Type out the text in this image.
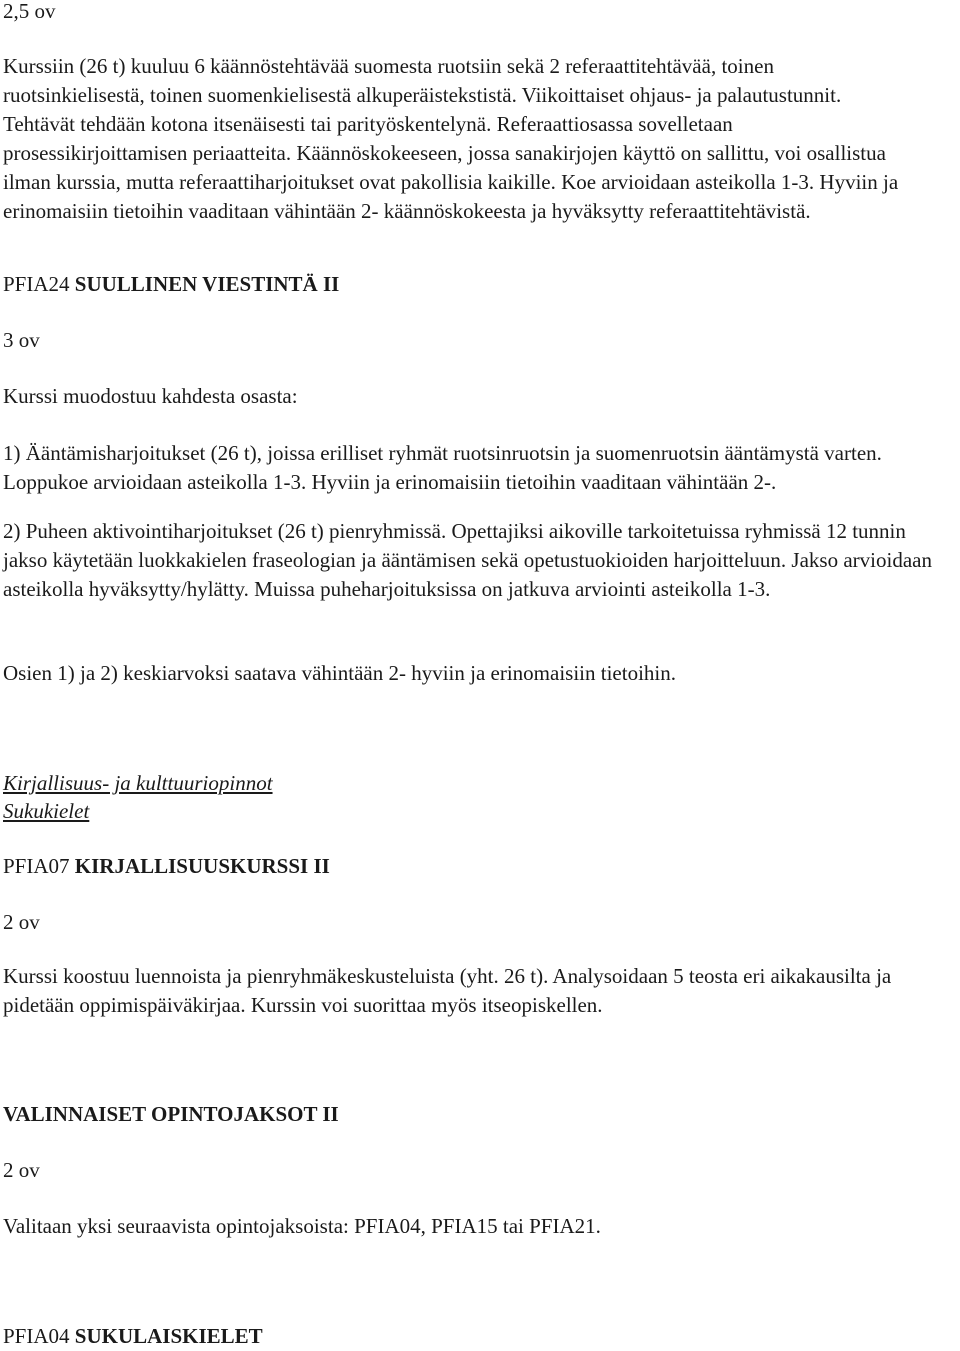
2,5 ov

Kurssiin (26 t) kuuluu 6 käännöstehtävää suomesta ruotsiin sekä 2 referaattitehtävää, toinen ruotsinkielisestä, toinen suomenkielisestä alkuperäistekstistä. Viikoittaiset ohjaus- ja palautustunnit. Tehtävät tehdään kotona itsenäisesti tai parityöskentelynä. Referaattiosassa sovelletaan prosessikirjoittamisen periaatteita. Käännöskokeeseen, jossa sanakirjojen käyttö on sallittu, voi osallistua ilman kurssia, mutta referaattiharjoitukset ovat pakollisia kaikille. Koe arvioidaan asteikolla 1-3. Hyviin ja erinomaisiin tietoihin vaaditaan vähintään 2- käännöskokeesta ja hyväksytty referaattitehtävistä.

PFIA24 SUULLINEN VIESTINTÄ II

3 ov

Kurssi muodostuu kahdesta osasta:

1) Ääntämisharjoitukset (26 t), joissa erilliset ryhmät ruotsinruotsin ja suomenruotsin ääntämystä varten. Loppukoe arvioidaan asteikolla 1-3. Hyviin ja erinomaisiin tietoihin vaaditaan vähintään 2-.

2) Puheen aktivointiharjoitukset (26 t) pienryhmissä. Opettajiksi aikoville tarkoitetuissa ryhmissä 12 tunnin jakso käytetään luokkakielen fraseologian ja ääntämisen sekä opetustuokioiden harjoitteluun. Jakso arvioidaan asteikolla hyväksytty/hylätty. Muissa puheharjoituksissa on jatkuva arviointi asteikolla 1-3.

Osien 1) ja 2) keskiarvoksi saatava vähintään 2- hyviin ja erinomaisiin tietoihin.

Kirjallisuus- ja kulttuuriopinnot

Sukukielet

PFIA07 KIRJALLISUUSKURSSI II

2 ov

Kurssi koostuu luennoista ja pienryhmäkeskusteluista (yht. 26 t). Analysoidaan 5 teosta eri aikakausilta ja pidetään oppimispäiväkirjaa. Kurssin voi suorittaa myös itseopiskellen.

VALINNAISET OPINTOJAKSOT II

2 ov

Valitaan yksi seuraavista opintojaksoista: PFIA04, PFIA15 tai PFIA21.

PFIA04 SUKULAISKIELET
